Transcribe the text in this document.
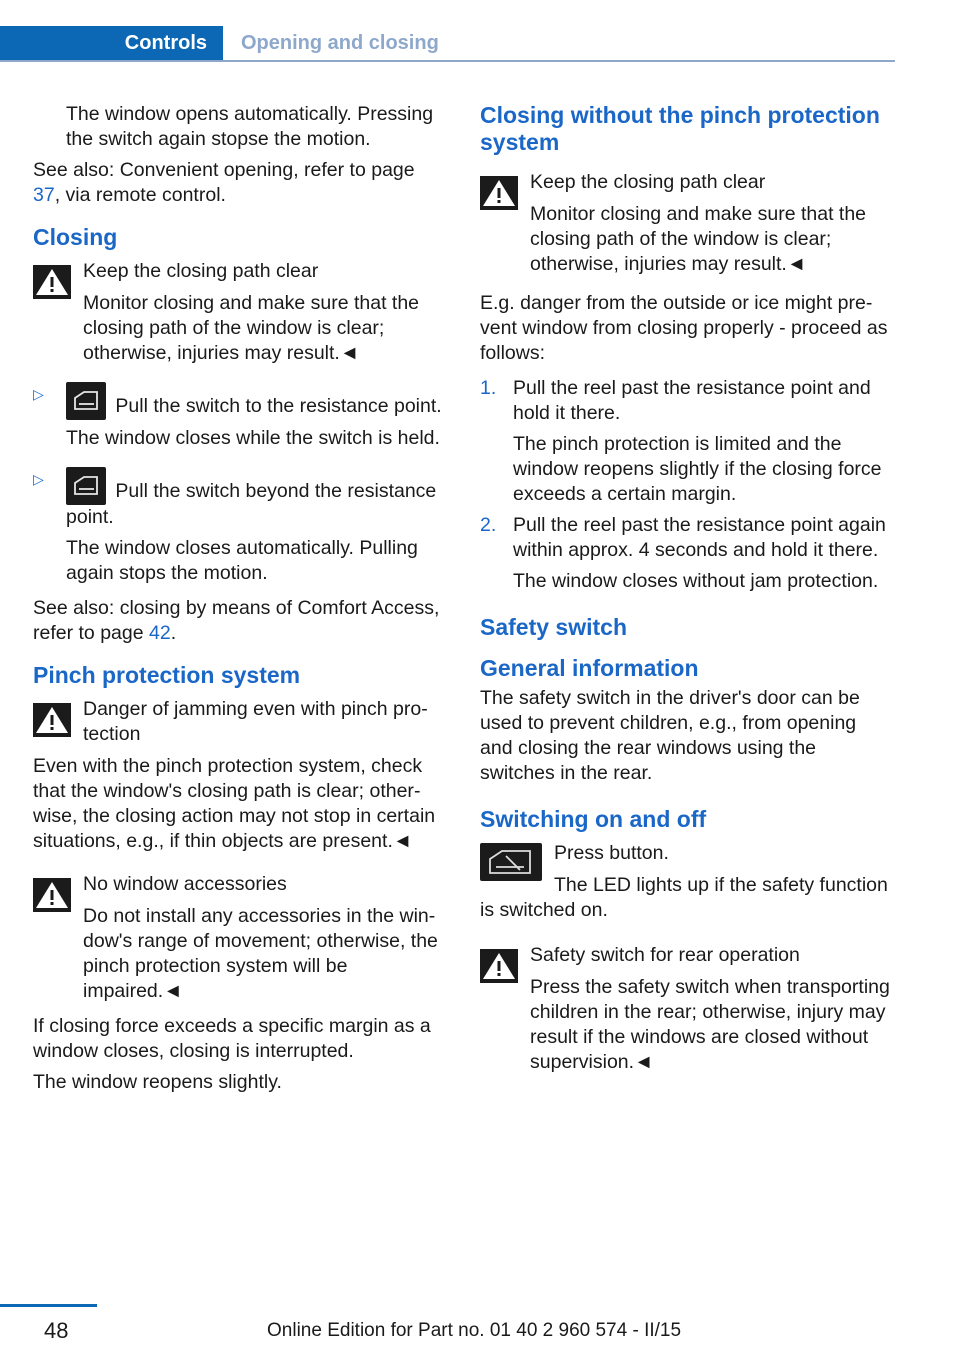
Controls	Opening and closing

The window opens automatically. Pressing the switch again stopse the motion.

See also: Convenient opening, refer to page 37, via remote control.

Closing
Keep the closing path clear
Monitor closing and make sure that the closing path of the window is clear; otherwise, injuries may result.◄
▷

Pull the switch to the resistance point.

The window closes while the switch is held.

▷

Pull the switch beyond the resistance point.

The window closes automatically. Pulling again stops the motion.

See also: closing by means of Comfort Access, refer to page 42.

Pinch protection system
Danger of jamming even with pinch protection
Even with the pinch protection system, check that the window's closing path is clear; otherwise, the closing action may not stop in certain situations, e.g., if thin objects are present.◄
No window accessories
Do not install any accessories in the window's range of movement; otherwise, the pinch protection system will be impaired.◄

If closing force exceeds a specific margin as a window closes, closing is interrupted.

The window reopens slightly.

Closing without the pinch protection system
Keep the closing path clear
Monitor closing and make sure that the closing path of the window is clear; otherwise, injuries may result.◄

E.g. danger from the outside or ice might prevent window from closing properly - proceed as follows:

1. Pull the reel past the resistance point and hold it there.

The pinch protection is limited and the window reopens slightly if the closing force exceeds a certain margin.

2. Pull the reel past the resistance point again within approx. 4 seconds and hold it there.

The window closes without jam protection.

Safety switch
General information

The safety switch in the driver's door can be used to prevent children, e.g., from opening and closing the rear windows using the switches in the rear.

Switching on and off
Press button.
The LED lights up if the safety function is switched on.
Safety switch for rear operation
Press the safety switch when transporting children in the rear; otherwise, injury may result if the windows are closed without supervision.◄
48	Online Edition for Part no. 01 40 2 960 574 - II/15
